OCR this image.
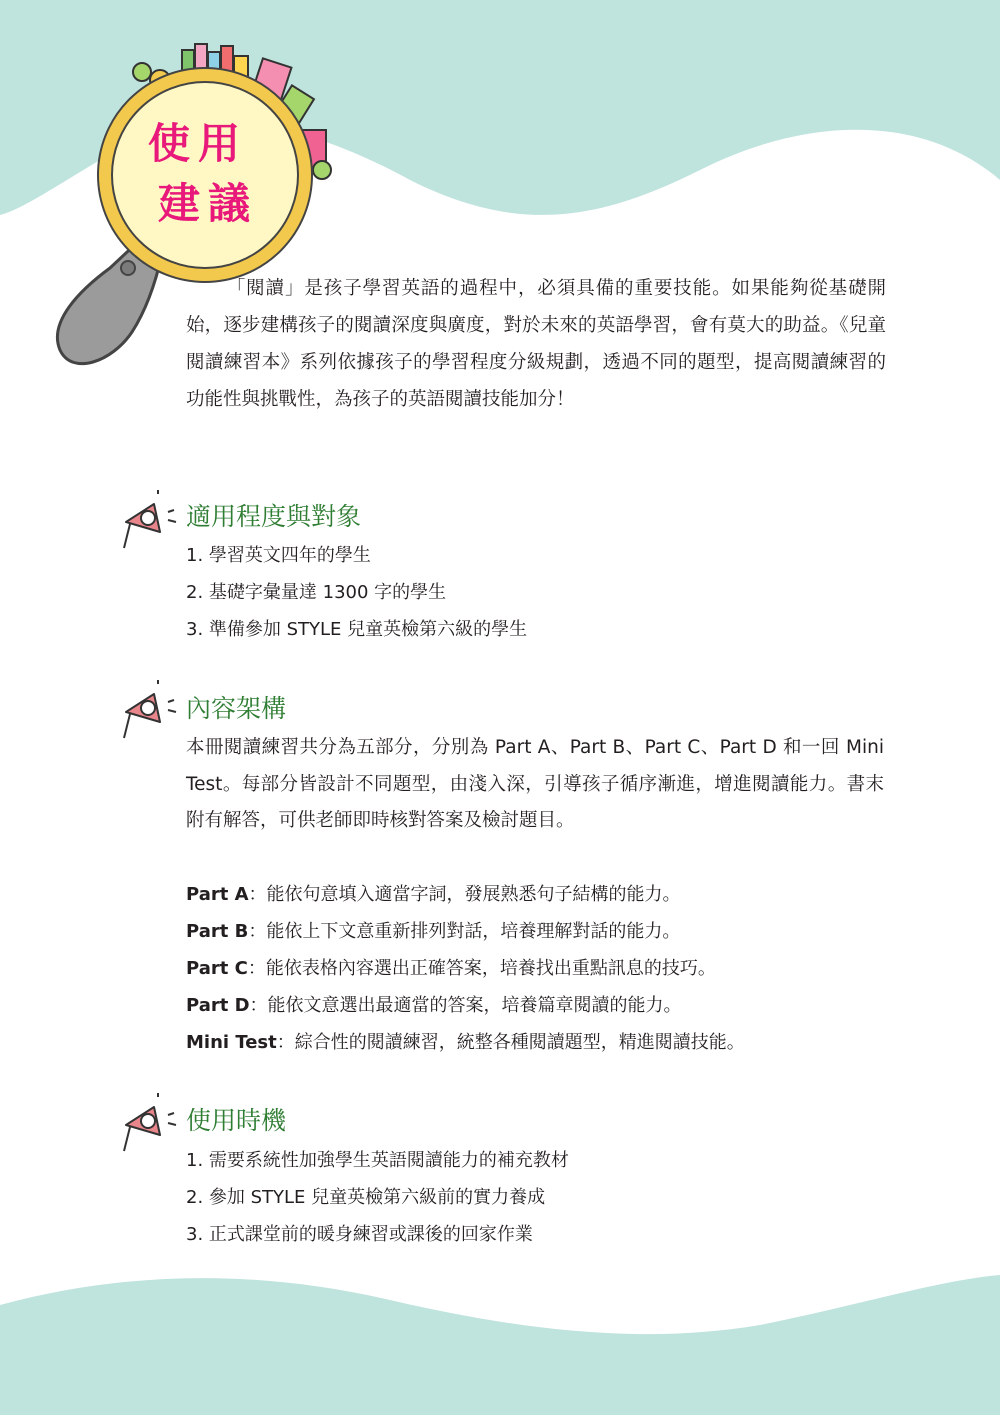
使用
建議

「閱讀」是孩子學習英語的過程中，必須具備的重要技能。如果能夠從基礎開始，逐步建構孩子的閱讀深度與廣度，對於未來的英語學習，會有莫大的助益。《兒童閱讀練習本》系列依據孩子的學習程度分級規劃，透過不同的題型，提高閱讀練習的功能性與挑戰性，為孩子的英語閱讀技能加分！

適用程度與對象
1. 學習英文四年的學生
2. 基礎字彙量達 1300 字的學生
3. 準備參加 STYLE 兒童英檢第六級的學生
內容架構

本冊閱讀練習共分為五部分，分別為 Part A、Part B、Part C、Part D 和一回 Mini Test。每部分皆設計不同題型，由淺入深，引導孩子循序漸進，增進閱讀能力。書末附有解答，可供老師即時核對答案及檢討題目。

Part A：能依句意填入適當字詞，發展熟悉句子結構的能力。
Part B：能依上下文意重新排列對話，培養理解對話的能力。
Part C：能依表格內容選出正確答案，培養找出重點訊息的技巧。
Part D：能依文意選出最適當的答案，培養篇章閱讀的能力。
Mini Test：綜合性的閱讀練習，統整各種閱讀題型，精進閱讀技能。
使用時機
1. 需要系統性加強學生英語閱讀能力的補充教材
2. 參加 STYLE 兒童英檢第六級前的實力養成
3. 正式課堂前的暖身練習或課後的回家作業
